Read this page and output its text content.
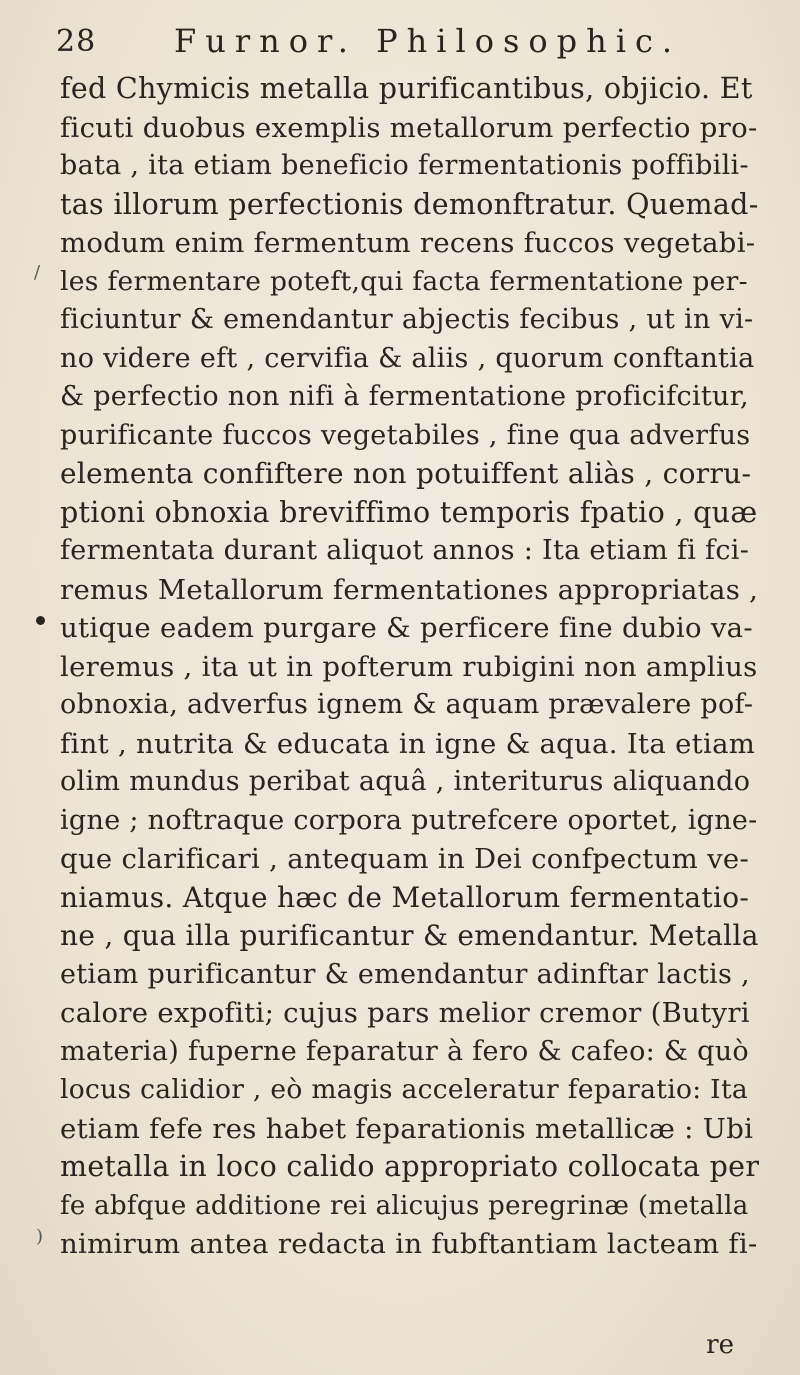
28 Furnor. Philosophic.
/
)
fed Chymicis metalla purificantibus, objicio. Et
ficuti duobus exemplis metallorum perfectio pro-
bata , ita etiam beneficio fermentationis poffibili-
tas illorum perfectionis demonftratur. Quemad-
modum enim fermentum recens fuccos vegetabi-
les fermentare poteft,qui facta fermentatione per-
ficiuntur & emendantur abjectis fecibus , ut in vi-
no videre eft , cervifia & aliis , quorum conftantia
& perfectio non nifi à fermentatione proficifcitur,
purificante fuccos vegetabiles , fine qua adverfus
elementa confiftere non potuiffent aliàs , corru-
ptioni obnoxia breviffimo temporis fpatio , quæ
fermentata durant aliquot annos : Ita etiam fi fci-
remus Metallorum fermentationes appropriatas ,
utique eadem purgare & perficere fine dubio va-
leremus , ita ut in pofterum rubigini non amplius
obnoxia, adverfus ignem & aquam prævalere pof-
fint , nutrita & educata in igne & aqua. Ita etiam
olim mundus peribat aquâ , interiturus aliquando
igne ; noftraque corpora putrefcere oportet, igne-
que clarificari , antequam in Dei confpectum ve-
niamus. Atque hæc de Metallorum fermentatio-
ne , qua illa purificantur & emendantur. Metalla
etiam purificantur & emendantur adinftar lactis ,
calore expofiti; cujus pars melior cremor (Butyri
materia) fuperne feparatur à fero & cafeo: & quò
locus calidior , eò magis acceleratur feparatio: Ita
etiam fefe res habet feparationis metallicæ : Ubi
metalla in loco calido appropriato collocata per
fe abfque additione rei alicujus peregrinæ (metalla
nimirum antea redacta in fubftantiam lacteam fi-
re
